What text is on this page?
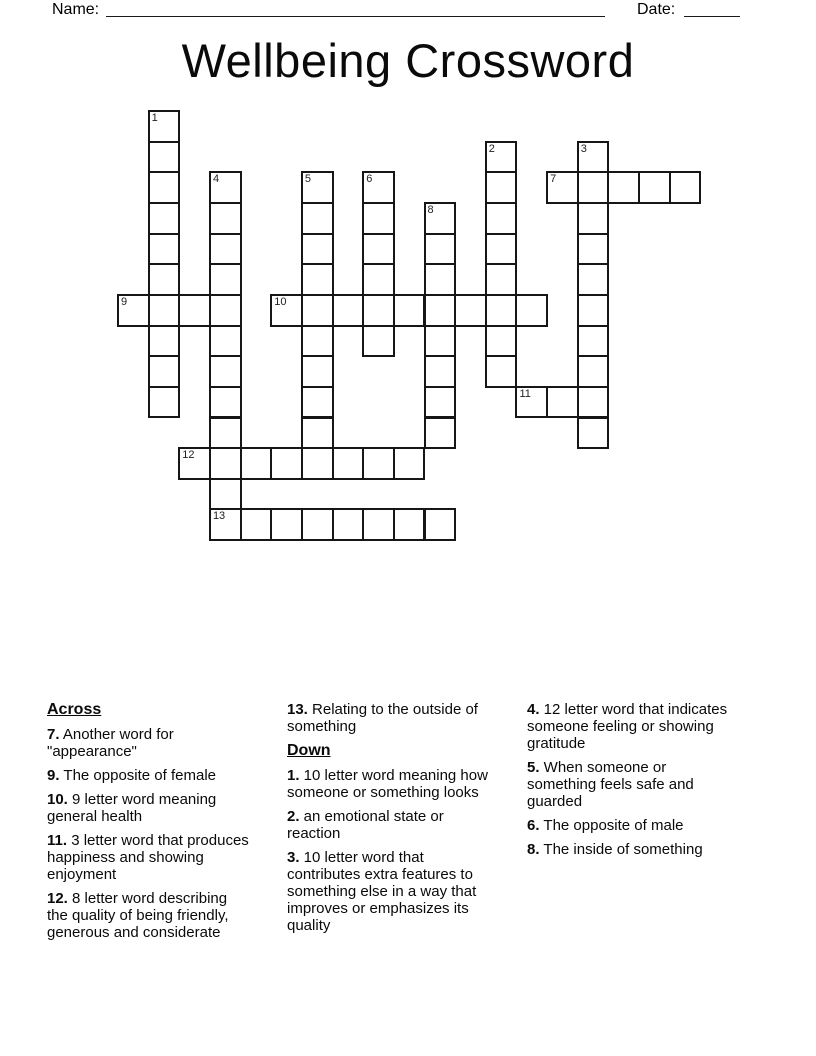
Name:	Date:
Wellbeing Crossword
1
2	3
4
13
5	6	7
8
9	10
11
12
Across
7. Another word for "appearance"
9. The opposite of female
10. 9 letter word meaning general health
11. 3 letter word that produces happiness and showing enjoyment
12. 8 letter word describing the quality of being friendly, generous and considerate
13. Relating to the outside of something
Down
1. 10 letter word meaning how someone or something looks
2. an emotional state or reaction
3. 10 letter word that contributes extra features to something else in a way that improves or emphasizes its quality
4. 12 letter word that indicates someone feeling or showing gratitude
5. When someone or something feels safe and guarded
6. The opposite of male
8. The inside of something
